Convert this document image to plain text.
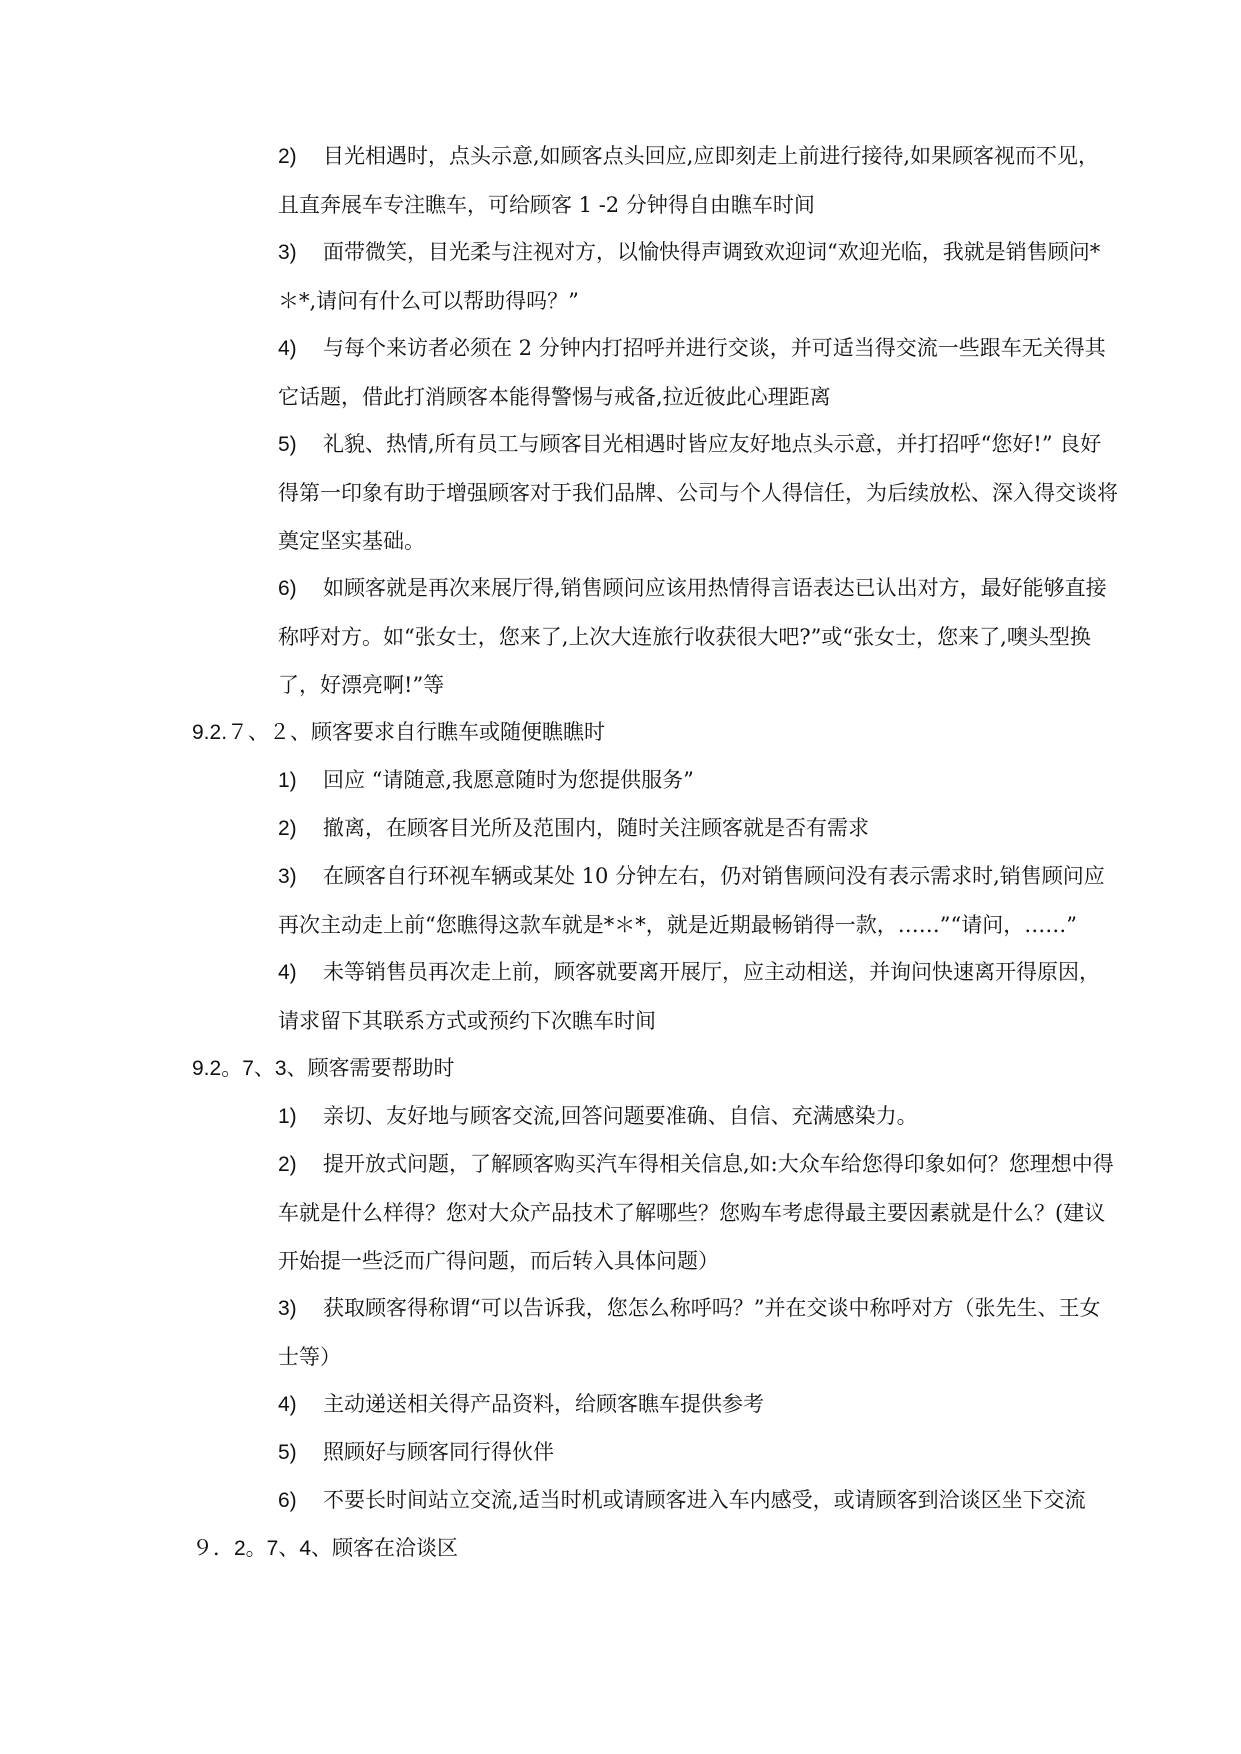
2) 目光相遇时，点头示意,如顾客点头回应,应即刻走上前进行接待,如果顾客视而不见，且直奔展车专注瞧车，可给顾客 1 -2 分钟得自由瞧车时间

3) 面带微笑，目光柔与注视对方，以愉快得声调致欢迎词“欢迎光临，我就是销售顾问*＊*,请问有什么可以帮助得吗？”

4) 与每个来访者必须在 2 分钟内打招呼并进行交谈，并可适当得交流一些跟车无关得其它话题，借此打消顾客本能得警惕与戒备,拉近彼此心理距离

5) 礼貌、热情,所有员工与顾客目光相遇时皆应友好地点头示意，并打招呼“您好!” 良好得第一印象有助于增强顾客对于我们品牌、公司与个人得信任，为后续放松、深入得交谈将奠定坚实基础。

6) 如顾客就是再次来展厅得,销售顾问应该用热情得言语表达已认出对方，最好能够直接称呼对方。如“张女士，您来了,上次大连旅行收获很大吧?”或“张女士，您来了,噢头型换了，好漂亮啊!”等

9.2.７、２、顾客要求自行瞧车或随便瞧瞧时

1) 回应 “请随意,我愿意随时为您提供服务”

2) 撤离，在顾客目光所及范围内，随时关注顾客就是否有需求

3) 在顾客自行环视车辆或某处 10 分钟左右，仍对销售顾问没有表示需求时,销售顾问应再次主动走上前“您瞧得这款车就是*＊*，就是近期最畅销得一款，……”“请问，……”

4) 未等销售员再次走上前，顾客就要离开展厅，应主动相送，并询问快速离开得原因，请求留下其联系方式或预约下次瞧车时间

9.2。7、3、顾客需要帮助时

1) 亲切、友好地与顾客交流,回答问题要准确、自信、充满感染力。

2) 提开放式问题，了解顾客购买汽车得相关信息,如:大众车给您得印象如何？您理想中得车就是什么样得？您对大众产品技术了解哪些？您购车考虑得最主要因素就是什么？(建议开始提一些泛而广得问题，而后转入具体问题）

3) 获取顾客得称谓“可以告诉我，您怎么称呼吗？”并在交谈中称呼对方（张先生、王女士等）

4) 主动递送相关得产品资料，给顾客瞧车提供参考

5) 照顾好与顾客同行得伙伴

6) 不要长时间站立交流,适当时机或请顾客进入车内感受，或请顾客到洽谈区坐下交流

９．2。7、4、顾客在洽谈区
